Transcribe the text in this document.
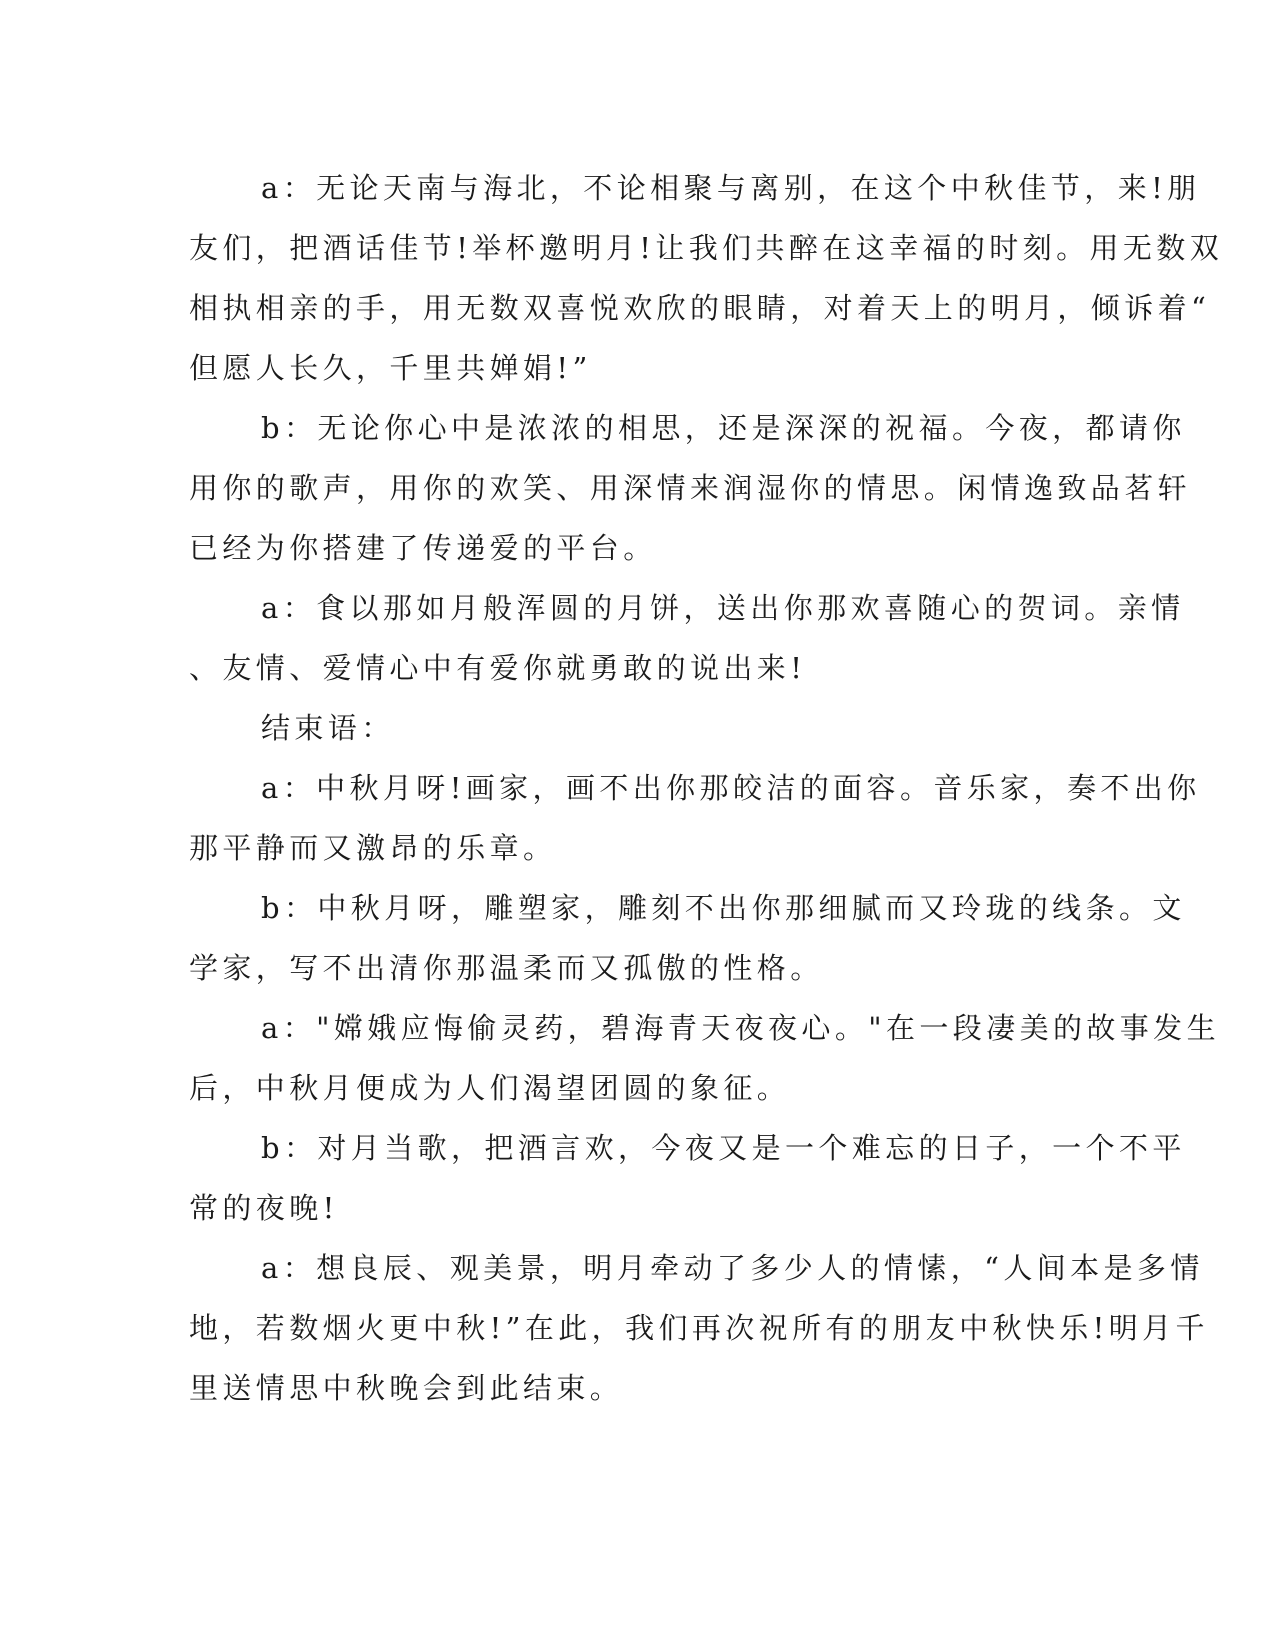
a：无论天南与海北，不论相聚与离别，在这个中秋佳节，来!朋
友们，把酒话佳节!举杯邀明月!让我们共醉在这幸福的时刻。用无数双
相执相亲的手，用无数双喜悦欢欣的眼睛，对着天上的明月，倾诉着“
但愿人长久，千里共婵娟!”

b：无论你心中是浓浓的相思，还是深深的祝福。今夜，都请你
用你的歌声，用你的欢笑、用深情来润湿你的情思。闲情逸致品茗轩
已经为你搭建了传递爱的平台。

a：食以那如月般浑圆的月饼，送出你那欢喜随心的贺词。亲情
、友情、爱情心中有爱你就勇敢的说出来!

结束语：

a：中秋月呀!画家，画不出你那皎洁的面容。音乐家，奏不出你
那平静而又激昂的乐章。

b：中秋月呀，雕塑家，雕刻不出你那细腻而又玲珑的线条。文
学家，写不出清你那温柔而又孤傲的性格。

a："嫦娥应悔偷灵药，碧海青天夜夜心。"在一段凄美的故事发生
后，中秋月便成为人们渴望团圆的象征。

b：对月当歌，把酒言欢，今夜又是一个难忘的日子，一个不平
常的夜晚!

a：想良辰、观美景，明月牵动了多少人的情愫，“人间本是多情
地，若数烟火更中秋!”在此，我们再次祝所有的朋友中秋快乐!明月千
里送情思中秋晚会到此结束。
